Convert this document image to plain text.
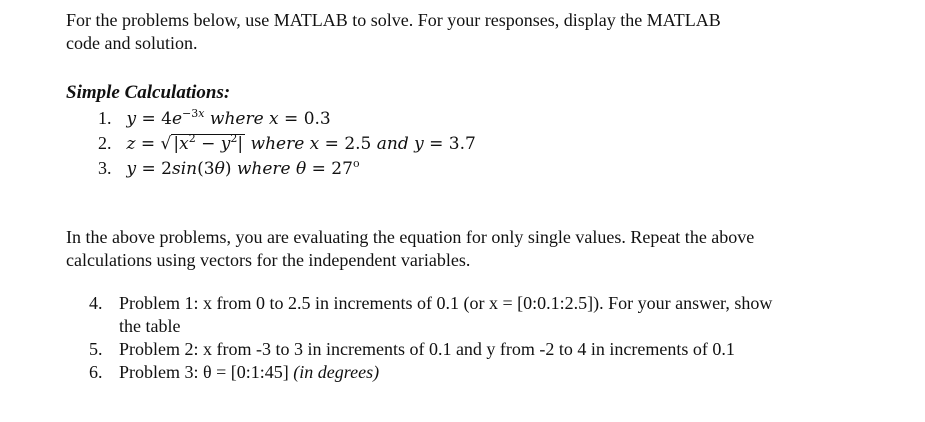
For the problems below, use MATLAB to solve. For your responses, display the MATLAB
code and solution.
Simple Calculations:
1. $y = 4e^{-3x}$ where x = 0.3
2. z = √ $|x^2 - y^2|$ where x = 2.5 and y = 3.7
3. y = 2sin(3θ) where $\theta = 27^o$
In the above problems, you are evaluating the equation for only single values. Repeat the above
calculations using vectors for the independent variables.
4. Problem 1: x from 0 to 2.5 in increments of 0.1 (or x = [0:0.1:2.5]). For your answer, show
the table
5. Problem 2: x from -3 to 3 in increments of 0.1 and y from -2 to 4 in increments of 0.1
6. Problem 3: θ = [0:1:45] (in degrees)
